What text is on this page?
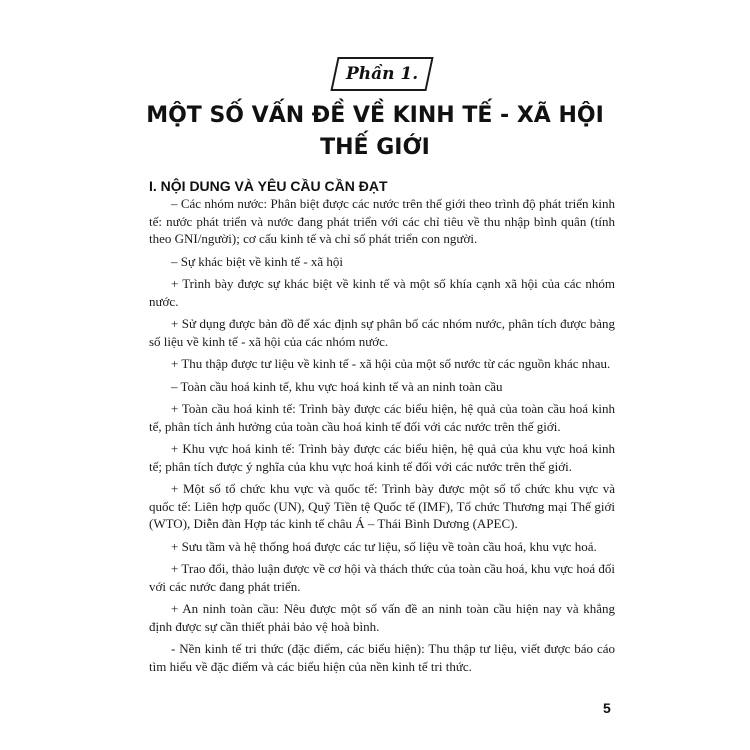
Phần 1.
MỘT SỐ VẤN ĐỀ VỀ KINH TẾ - XÃ HỘI
THẾ GIỚI
I. NỘI DUNG VÀ YÊU CẦU CẦN ĐẠT

– Các nhóm nước: Phân biệt được các nước trên thế giới theo trình độ phát triển kinh tế: nước phát triển và nước đang phát triển với các chỉ tiêu về thu nhập bình quân (tính theo GNI/người); cơ cấu kinh tế và chỉ số phát triển con người.

– Sự khác biệt về kinh tế - xã hội

+ Trình bày được sự khác biệt về kinh tế và một số khía cạnh xã hội của các nhóm nước.

+ Sử dụng được bản đồ để xác định sự phân bố các nhóm nước, phân tích được bảng số liệu về kinh tế - xã hội của các nhóm nước.

+ Thu thập được tư liệu về kinh tế - xã hội của một số nước từ các nguồn khác nhau.

– Toàn cầu hoá kinh tế, khu vực hoá kinh tế và an ninh toàn cầu

+ Toàn cầu hoá kinh tế: Trình bày được các biểu hiện, hệ quả của toàn cầu hoá kinh tế, phân tích ảnh hưởng của toàn cầu hoá kinh tế đối với các nước trên thế giới.

+ Khu vực hoá kinh tế: Trình bày được các biểu hiện, hệ quả của khu vực hoá kinh tế; phân tích được ý nghĩa của khu vực hoá kinh tế đối với các nước trên thế giới.

+ Một số tổ chức khu vực và quốc tế: Trình bày được một số tổ chức khu vực và quốc tế: Liên hợp quốc (UN), Quỹ Tiền tệ Quốc tế (IMF), Tổ chức Thương mại Thế giới (WTO), Diễn đàn Hợp tác kinh tế châu Á – Thái Bình Dương (APEC).

+ Sưu tầm và hệ thống hoá được các tư liệu, số liệu về toàn cầu hoá, khu vực hoá.

+ Trao đổi, thảo luận được về cơ hội và thách thức của toàn cầu hoá, khu vực hoá đối với các nước đang phát triển.

+ An ninh toàn cầu: Nêu được một số vấn đề an ninh toàn cầu hiện nay và khẳng định được sự cần thiết phải bảo vệ hoà bình.

- Nền kinh tế tri thức (đặc điểm, các biểu hiện): Thu thập tư liệu, viết được báo cáo tìm hiểu về đặc điểm và các biểu hiện của nền kinh tế tri thức.

5
